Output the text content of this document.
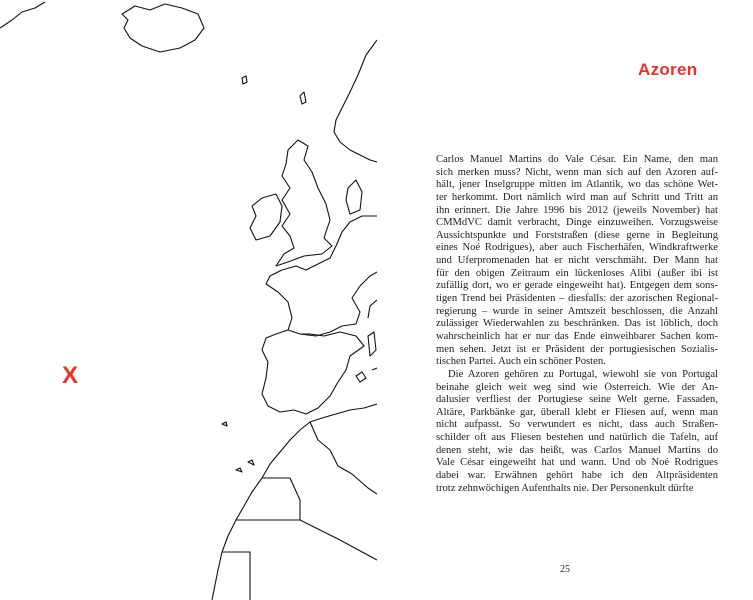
X
Azoren
Carlos Manuel Martins do Vale César. Ein Name, den man
sich merken muss? Nicht, wenn man sich auf den Azoren auf-
hält, jener Inselgruppe mitten im Atlantik, wo das schöne Wet-
ter herkommt. Dort nämlich wird man auf Schritt und Tritt an
ihn erinnert. Die Jahre 1996 bis 2012 (jeweils November) hat
CMMdVC damit verbracht, Dinge einzuweihen. Vorzugsweise
Aussichtspunkte und Forststraßen (diese gerne in Begleitung
eines Noé Rodrigues), aber auch Fischerhäfen, Windkraftwerke
und Uferpromenaden hat er nicht verschmäht. Der Mann hat
für den obigen Zeitraum ein lückenloses Alibi (außer ibi ist
zufällig dort, wo er gerade eingeweiht hat). Entgegen dem sons-
tigen Trend bei Präsidenten – diesfalls: der azorischen Regional-
regierung – wurde in seiner Amtszeit beschlossen, die Anzahl
zulässiger Wiederwahlen zu beschränken. Das ist löblich, doch
wahrscheinlich hat er nur das Ende einweihbarer Sachen kom-
men sehen. Jetzt ist er Präsident der portugiesischen Sozialis-
tischen Partei. Auch ein schöner Posten.
Die Azoren gehören zu Portugal, wiewohl sie von Portugal
beinahe gleich weit weg sind wie Österreich. Wie der An-
dalusier verfliest der Portugiese seine Welt gerne. Fassaden,
Altäre, Parkbänke gar, überall klebt er Fliesen auf, wenn man
nicht aufpasst. So verwundert es nicht, dass auch Straßen-
schilder oft aus Fliesen bestehen und natürlich die Tafeln, auf
denen steht, wie das heißt, was Carlos Manuel Martins do
Vale César eingeweiht hat und wann. Und ob Noé Rodrigues
dabei war. Erwähnen gehört habe ich den Altpräsidenten
trotz zehnwöchigen Aufenthalts nie. Der Personenkult dürfte
25
